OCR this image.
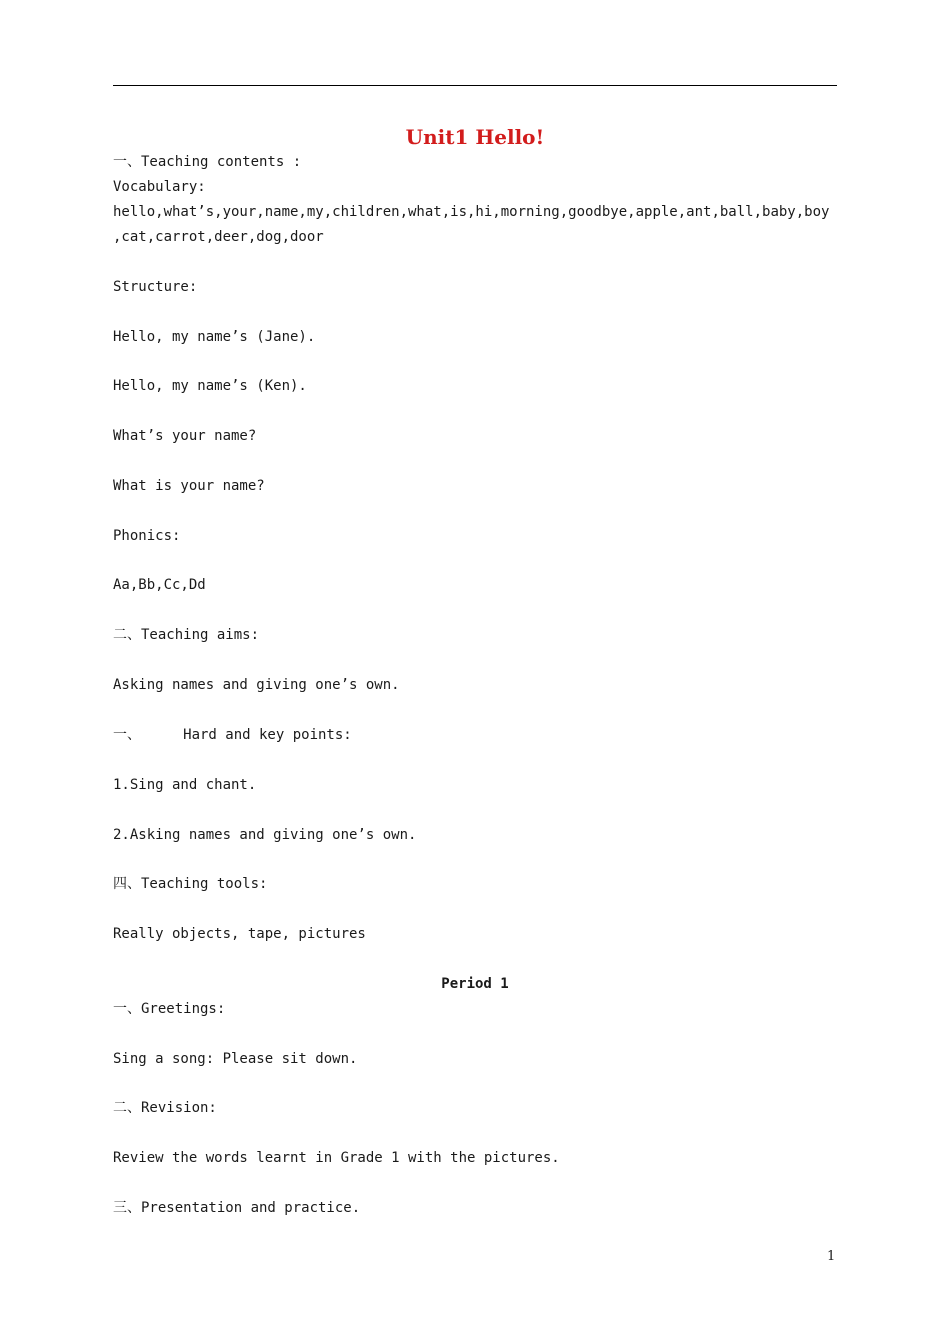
Unit1 Hello!
一、Teaching contents :
Vocabulary:
hello,what’s,your,name,my,children,what,is,hi,morning,goodbye,apple,ant,ball,baby,boy
,cat,carrot,deer,dog,door
Structure:
Hello, my name’s (Jane).
Hello, my name’s (Ken).
What’s your name?
What is your name?
Phonics:
Aa,Bb,Cc,Dd
二、Teaching aims:
Asking names and giving one’s own.
一、     Hard and key points:
1.Sing and chant.
2.Asking names and giving one’s own.
四、Teaching tools:
Really objects, tape, pictures
Period 1
一、Greetings:
Sing a song: Please sit down.
二、Revision:
Review the words learnt in Grade 1 with the pictures.
三、Presentation and practice.
1
